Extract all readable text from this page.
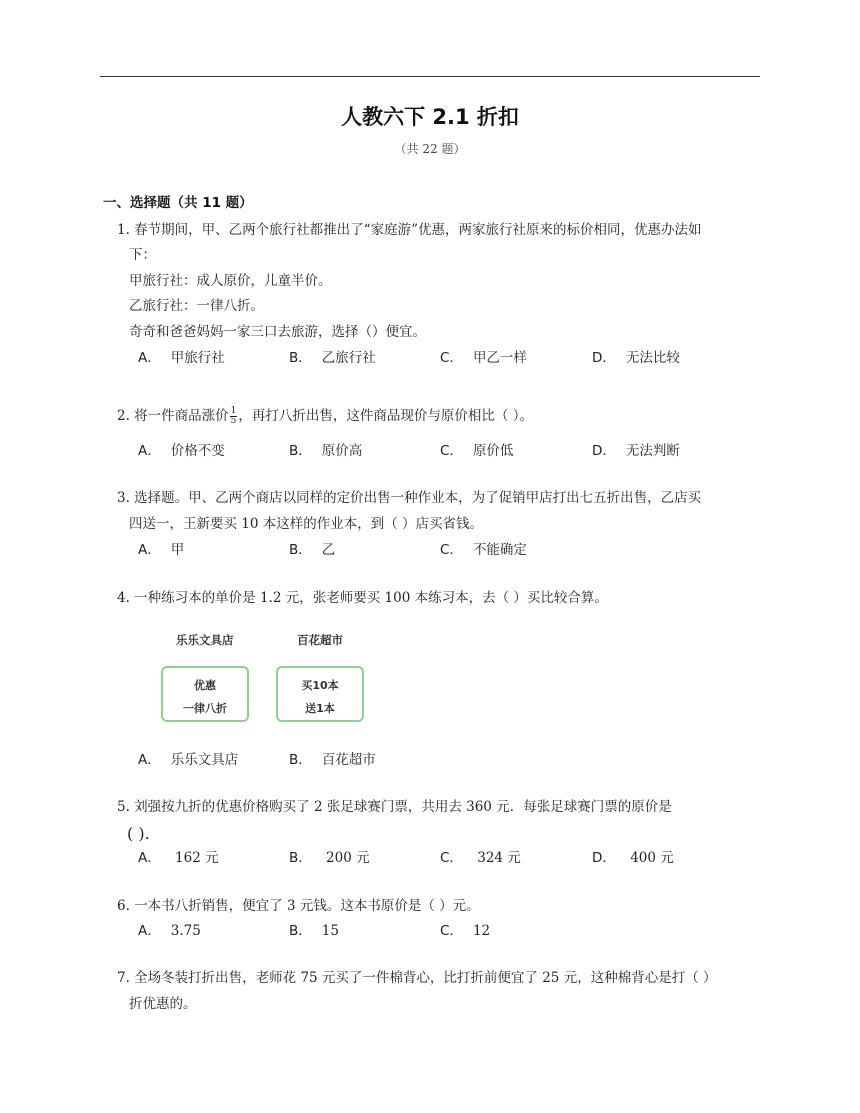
人教六下 2.1 折扣
（共 22 题）
一、选择题（共 11 题）
1. 春节期间，甲、乙两个旅行社都推出了“家庭游”优惠，两家旅行社原来的标价相同，优惠办法如
下：
甲旅行社：成人原价，儿童半价。
乙旅行社：一律八折。
奇奇和爸爸妈妈一家三口去旅游，选择（）便宜。
A． 甲旅行社	B． 乙旅行社	C． 甲乙一样	D． 无法比较
2. 将一件商品涨价 $\frac{1}{5}$ ，再打八折出售，这件商品现价与原价相比（ ）。
A． 价格不变	B． 原价高	C． 原价低	D． 无法判断
3. 选择题。甲、乙两个商店以同样的定价出售一种作业本，为了促销甲店打出七五折出售，乙店买
四送一，王新要买 10 本这样的作业本，到（ ）店买省钱。
A． 甲	B． 乙	C． 不能确定
4. 一种练习本的单价是 1.2 元，张老师要买 100 本练习本，去（ ）买比较合算。
乐乐文具店
优惠
一律八折
百花超市
买10本
送1本
A． 乐乐文具店	B． 百花超市
5. 刘强按九折的优惠价格购买了 2 张足球赛门票，共用去 360 元．每张足球赛门票的原价是
( ).
A． 162 元	B． 200 元	C． 324 元	D． 400 元
6. 一本书八折销售，便宜了 3 元钱。这本书原价是（ ）元。
A． 3.75	B． 15	C． 12
7. 全场冬装打折出售，老师花 75 元买了一件棉背心，比打折前便宜了 25 元，这种棉背心是打（ ）
折优惠的。
